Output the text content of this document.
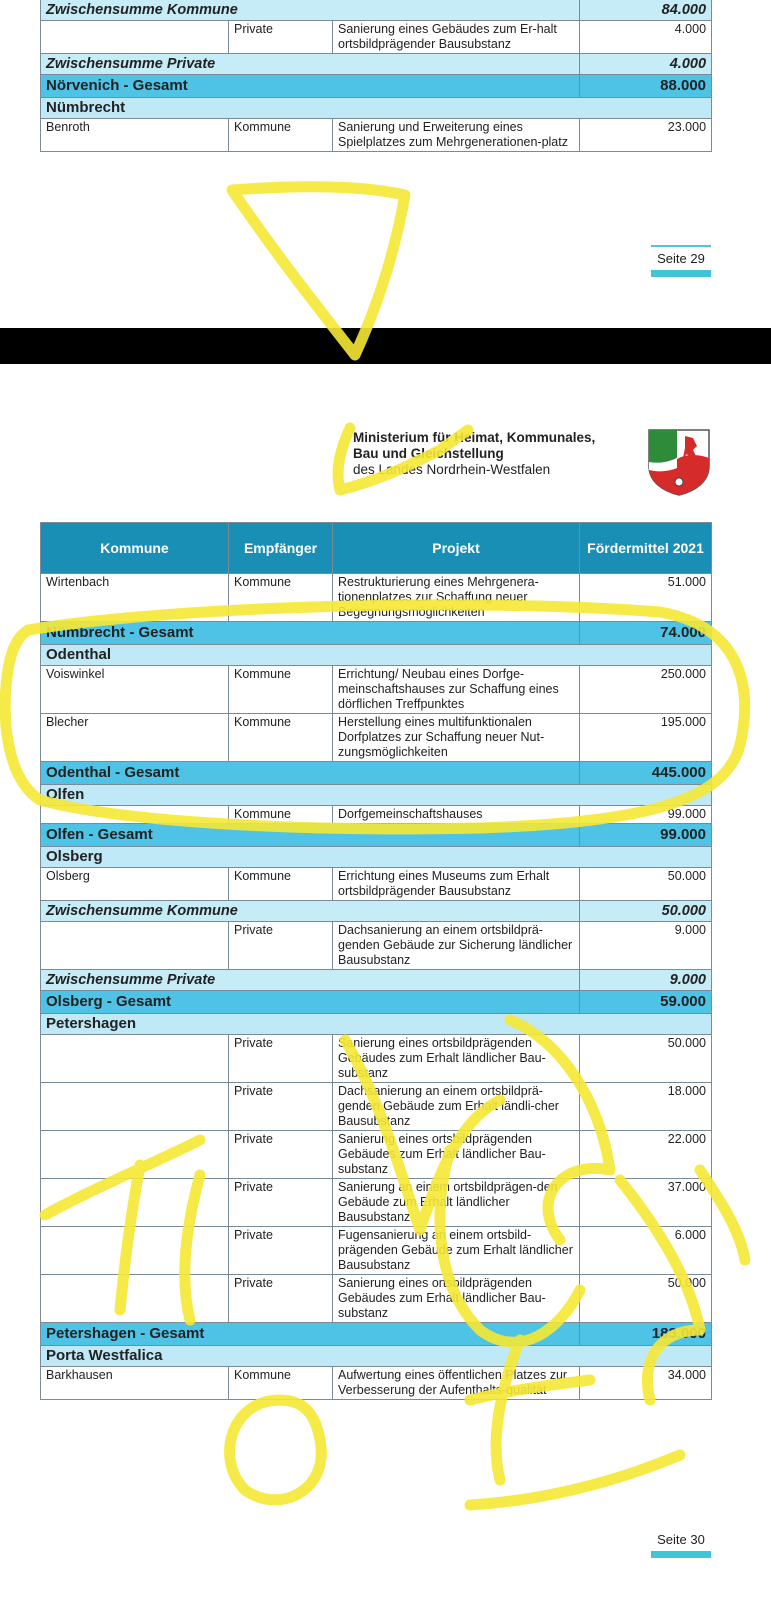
Zwischensumme Kommune			84.000
	Private	Sanierung eines Gebäudes zum Er-halt ortsbildprägender Bausubstanz	4.000
Zwischensumme Private			4.000
Nörvenich - Gesamt			88.000
Nümbrecht			
Benroth	Kommune	Sanierung und Erweiterung eines Spielplatzes zum Mehrgenerationen-platz	23.000
Seite 29
Ministerium für Heimat, Kommunales,
Bau und Gleichstellung
des Landes Nordrhein-Westfalen
Kommune	Empfänger	Projekt	Fördermittel 2021
Wirtenbach	Kommune	Restrukturierung eines Mehrgenera-tionenplatzes zur Schaffung neuer Begegnungsmöglichkeiten	51.000
Nümbrecht - Gesamt			74.000
Odenthal			
Voiswinkel	Kommune	Errichtung/ Neubau eines Dorfge-meinschaftshauses zur Schaffung eines dörflichen Treffpunktes	250.000
Blecher	Kommune	Herstellung eines multifunktionalen Dorfplatzes zur Schaffung neuer Nut-zungsmöglichkeiten	195.000
Odenthal - Gesamt			445.000
Olfen			
	Kommune	Dorfgemeinschaftshauses	99.000
Olfen - Gesamt			99.000
Olsberg			
Olsberg	Kommune	Errichtung eines Museums zum Erhalt ortsbildprägender Bausubstanz	50.000
Zwischensumme Kommune			50.000
	Private	Dachsanierung an einem ortsbildprä-genden Gebäude zur Sicherung ländlicher Bausubstanz	9.000
Zwischensumme Private			9.000
Olsberg - Gesamt			59.000
Petershagen			
	Private	Sanierung eines ortsbildprägenden Gebäudes zum Erhalt ländlicher Bau-substanz	50.000
	Private	Dachsanierung an einem ortsbildprä-genden Gebäude zum Erhalt ländli-cher Bausubstanz	18.000
	Private	Sanierung eines ortsbildprägenden Gebäudes zum Erhalt ländlicher Bau-substanz	22.000
	Private	Sanierung an einem ortsbildprägen-den Gebäude zum Erhalt ländlicher Bausubstanz	37.000
	Private	Fugensanierung an einem ortsbild-prägenden Gebäude zum Erhalt ländlicher Bausubstanz	6.000
	Private	Sanierung eines ortsbildprägenden Gebäudes zum Erhalt ländlicher Bau-substanz	50.000
Petershagen - Gesamt			183.000
Porta Westfalica			
Barkhausen	Kommune	Aufwertung eines öffentlichen Platzes zur Verbesserung der Aufenthalts-qualität	34.000
Seite 30
